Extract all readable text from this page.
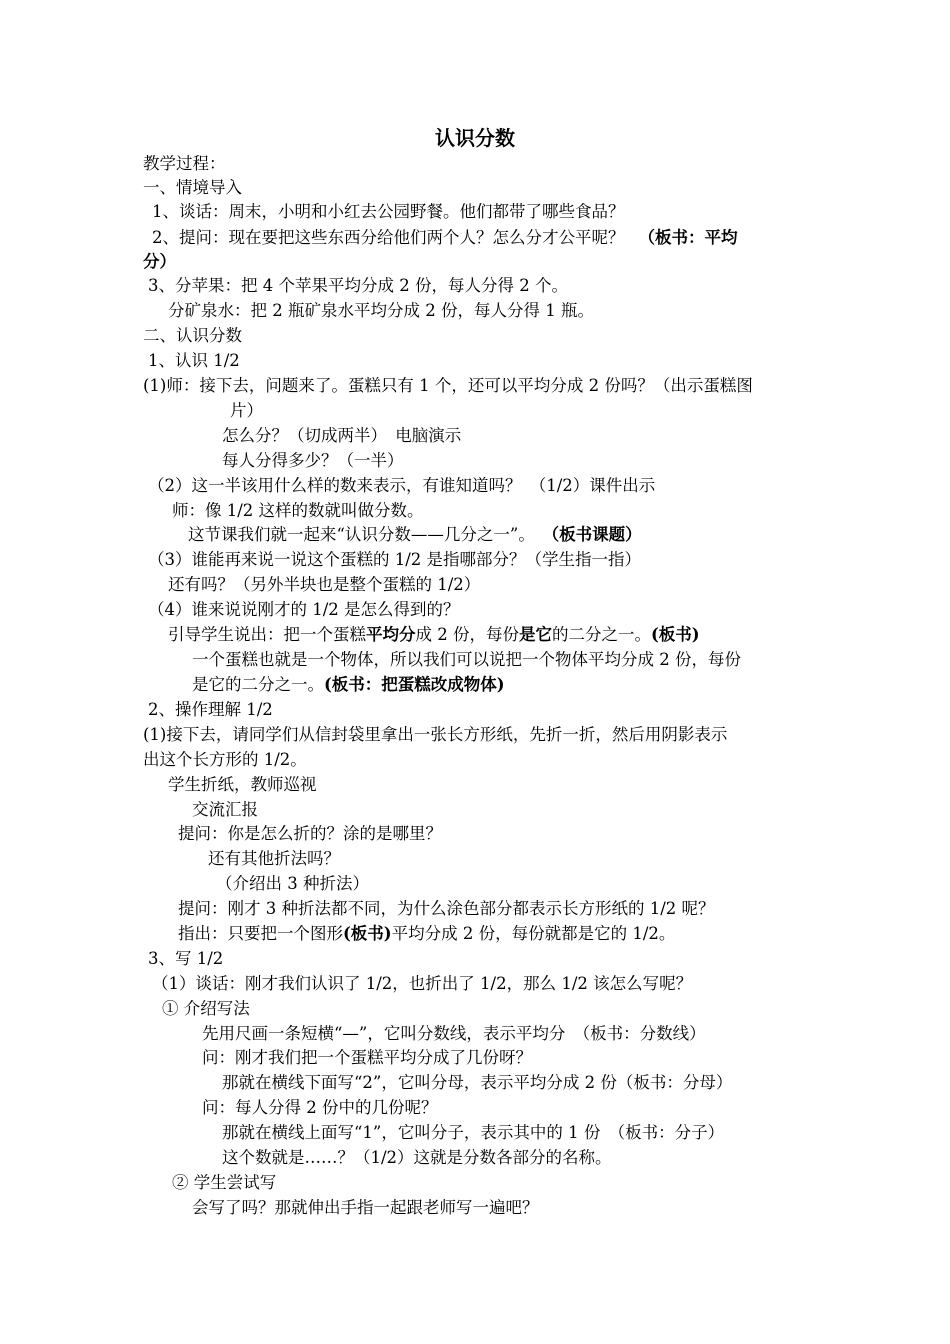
认识分数
教学过程：
一、情境导入
1、谈话：周末，小明和小红去公园野餐。他们都带了哪些食品？
2、提问：现在要把这些东西分给他们两个人？怎么分才公平呢？ （板书：平均
分）
3、分苹果：把 4 个苹果平均分成 2 份，每人分得 2 个。
分矿泉水：把 2 瓶矿泉水平均分成 2 份，每人分得 1 瓶。
二、认识分数
1、认识 1/2
(1)师：接下去，问题来了。蛋糕只有 1 个，还可以平均分成 2 份吗？（出示蛋糕图
片）
怎么分？（切成两半）　电脑演示
每人分得多少？（一半）
（2）这一半该用什么样的数来表示，有谁知道吗？　（1/2）课件出示
师：像 1/2 这样的数就叫做分数。
这节课我们就一起来“认识分数——几分之一”。 （板书课题）
（3）谁能再来说一说这个蛋糕的 1/2 是指哪部分？（学生指一指）
还有吗？（另外半块也是整个蛋糕的 1/2）
（4）谁来说说刚才的 1/2 是怎么得到的？
引导学生说出：把一个蛋糕平均分成 2 份，每份是它的二分之一。(板书)
一个蛋糕也就是一个物体，所以我们可以说把一个物体平均分成 2 份，每份
是它的二分之一。(板书：把蛋糕改成物体)
2、操作理解 1/2
(1)接下去，请同学们从信封袋里拿出一张长方形纸，先折一折，然后用阴影表示
出这个长方形的 1/2。
学生折纸，教师巡视
交流汇报
提问：你是怎么折的？涂的是哪里？
还有其他折法吗？
（介绍出 3 种折法）
提问：刚才 3 种折法都不同，为什么涂色部分都表示长方形纸的 1/2 呢？
指出：只要把一个图形(板书)平均分成 2 份，每份就都是它的 1/2。
3、写 1/2
（1）谈话：刚才我们认识了 1/2，也折出了 1/2，那么 1/2 该怎么写呢？
① 介绍写法
先用尺画一条短横“—”，它叫分数线，表示平均分　（板书：分数线）
问：刚才我们把一个蛋糕平均分成了几份呀？
那就在横线下面写“2”，它叫分母，表示平均分成 2 份（板书：分母）
问：每人分得 2 份中的几份呢？
那就在横线上面写“1”，它叫分子，表示其中的 1 份　（板书：分子）
这个数就是……？（1/2）这就是分数各部分的名称。
② 学生尝试写
会写了吗？那就伸出手指一起跟老师写一遍吧？
